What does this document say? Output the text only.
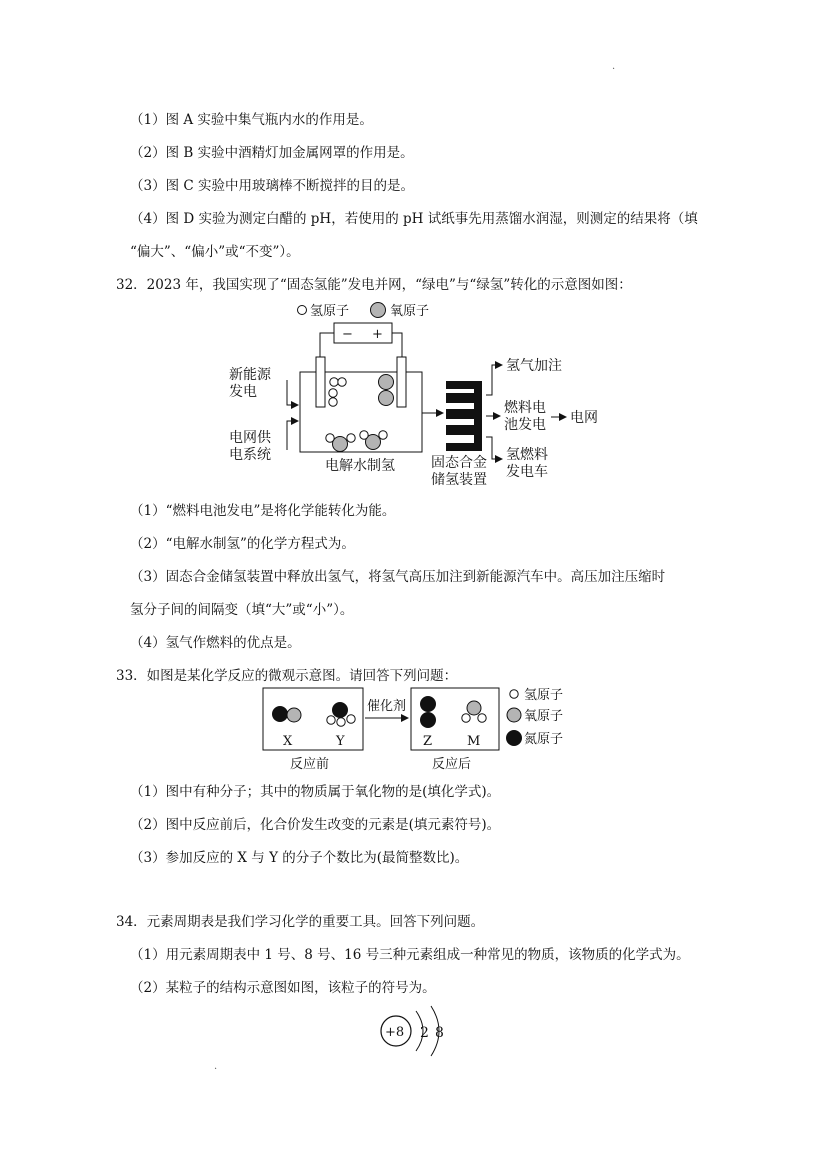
·
（1）图 A 实验中集气瓶内水的作用是。
（2）图 B 实验中酒精灯加金属网罩的作用是。
（3）图 C 实验中用玻璃棒不断搅拌的目的是。
（4）图 D 实验为测定白醋的 pH，若使用的 pH 试纸事先用蒸馏水润湿，则测定的结果将（填
“偏大”、“偏小”或“不变”）。
32．2023 年，我国实现了“固态氢能”发电并网，“绿电”与“绿氢”转化的示意图如图：
氢原子	氧原子
− +
电解水制氢
新能源
发电
电网供
电系统	固态合金
储氢装置
氢气加注
燃料电
池发电 电网
氢燃料
发电车
（1）“燃料电池发电”是将化学能转化为能。
（2）“电解水制氢”的化学方程式为。
（3）固态合金储氢装置中释放出氢气，将氢气高压加注到新能源汽车中。高压加注压缩时
氢分子间的间隔变（填“大”或“小”）。
（4）氢气作燃料的优点是。
33．如图是某化学反应的微观示意图。请回答下列问题：
X	Y
催化剂
Z	M
反应前	反应后
氢原子
氧原子
氮原子
（1）图中有种分子；其中的物质属于氧化物的是(填化学式)。
（2）图中反应前后，化合价发生改变的元素是(填元素符号)。
（3）参加反应的 X 与 Y 的分子个数比为(最简整数比)。
34．元素周期表是我们学习化学的重要工具。回答下列问题。
（1）用元素周期表中 1 号、8 号、16 号三种元素组成一种常见的物质，该物质的化学式为。
（2）某粒子的结构示意图如图，该粒子的符号为。
+8 2 8
·
